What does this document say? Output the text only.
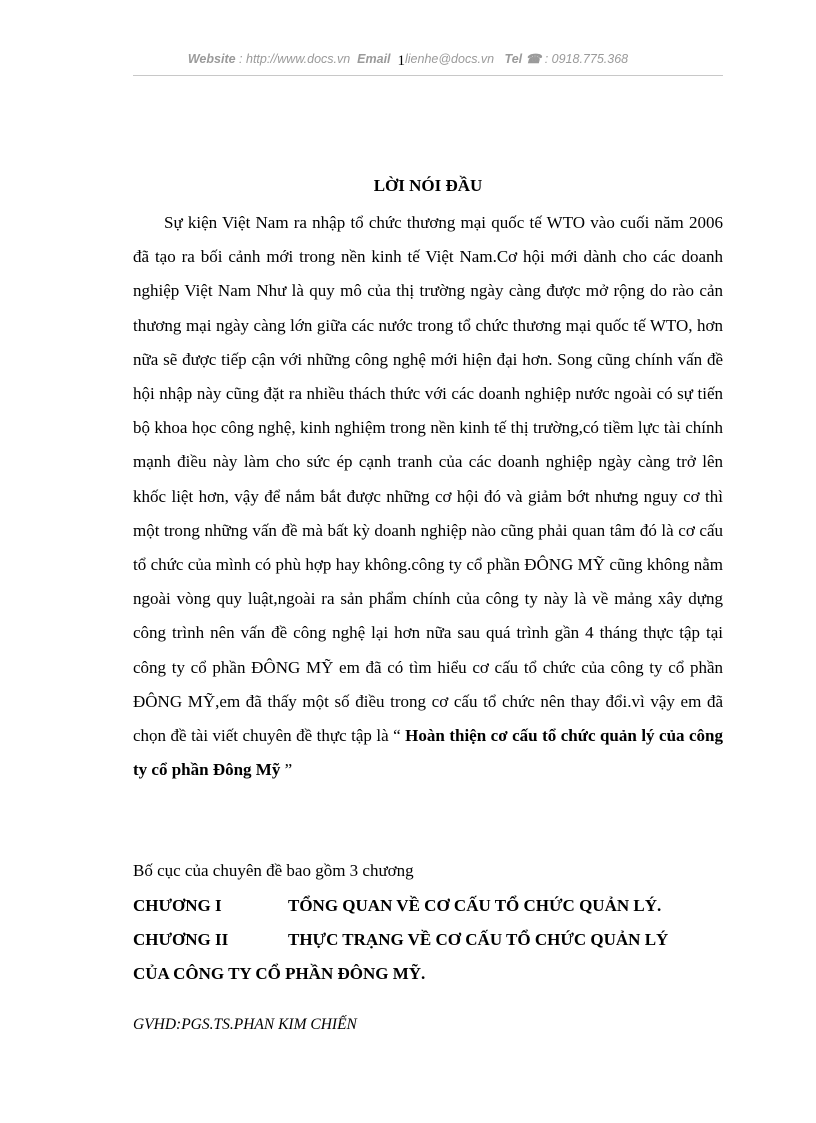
Website : http://www.docs.vn Email 1lienhe@docs.vn Tel ☎ : 0918.775.368
LỜI NÓI ĐẦU
Sự kiện Việt Nam ra nhập tổ chức thương mại quốc tế WTO vào cuối năm 2006 đã tạo ra bối cảnh mới trong nền kinh tế Việt Nam.Cơ hội mới dành cho các doanh nghiệp Việt Nam Như là quy mô của thị trường ngày càng được mở rộng do rào cản thương mại ngày càng lớn giữa các nước trong tổ chức thương mại quốc tế WTO, hơn nữa sẽ được tiếp cận với những công nghệ mới hiện đại hơn. Song cũng chính vấn đề hội nhập này cũng đặt ra nhiều thách thức với các doanh nghiệp nước ngoài có sự tiến bộ khoa học công nghệ, kinh nghiệm trong nền kinh tế thị trường,có tiềm lực tài chính mạnh điều này làm cho sức ép cạnh tranh của các doanh nghiệp ngày càng trở lên khốc liệt hơn, vậy để nắm bắt được những cơ hội đó và giảm bớt nhưng nguy cơ thì một trong những vấn đề mà bất kỳ doanh nghiệp nào cũng phải quan tâm đó là cơ cấu tổ chức của mình có phù hợp hay không.công ty cổ phần ĐÔNG MỸ cũng không nằm ngoài vòng quy luật,ngoài ra sản phẩm chính của công ty này là về mảng xây dựng công trình nên vấn đề công nghệ lại hơn nữa sau quá trình gần 4 tháng thực tập tại công ty cổ phần ĐÔNG MỸ em đã có tìm hiểu cơ cấu tổ chức của công ty cổ phần ĐÔNG MỸ,em đã thấy một số điều trong cơ cấu tổ chức nên thay đổi.vì vậy em đã chọn đề tài viết chuyên đề thực tập là “ Hoàn thiện cơ cấu tổ chức quản lý của công ty cổ phần Đông Mỹ ”
Bố cục của chuyên đề bao gồm 3 chương
CHƯƠNG I	TỔNG QUAN VỀ CƠ CẤU TỔ CHỨC QUẢN LÝ.
CHƯƠNG II	THỰC TRẠNG VỀ CƠ CẤU TỔ CHỨC QUẢN LÝ
CỦA CÔNG TY CỔ PHẦN ĐÔNG MỸ.
GVHD:PGS.TS.PHAN KIM CHIẾN
